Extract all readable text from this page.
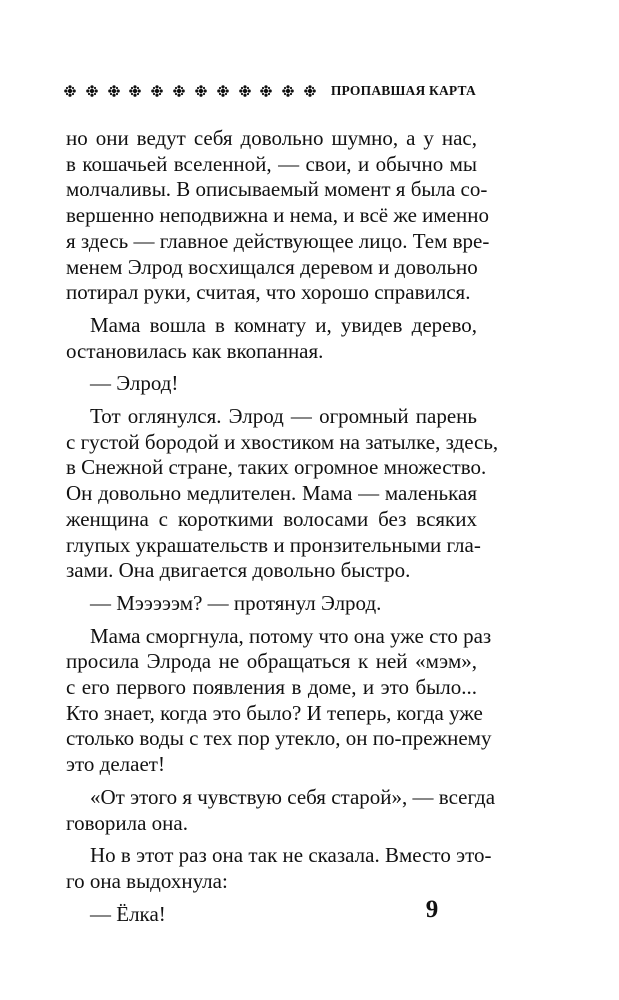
ПРОПАВШАЯ КАРТА

но они ведут себя довольно шумно, а у нас,
в кошачьей вселенной, — свои, и обычно мы
молчаливы. В описываемый момент я была со-
вершенно неподвижна и нема, и всё же именно
я здесь — главное действующее лицо. Тем вре-
менем Элрод восхищался деревом и довольно
потирал руки, считая, что хорошо справился.

Мама вошла в комнату и, увидев дерево,
остановилась как вкопанная.

— Элрод!

Тот оглянулся. Элрод — огромный парень
с густой бородой и хвостиком на затылке, здесь,
в Снежной стране, таких огромное множество.
Он довольно медлителен. Мама — маленькая
женщина с короткими волосами без всяких
глупых украшательств и пронзительными гла-
зами. Она двигается довольно быстро.

— Мэээээм? — протянул Элрод.

Мама сморгнула, потому что она уже сто раз
просила Элрода не обращаться к ней «мэм»,
с его первого появления в доме, и это было...
Кто знает, когда это было? И теперь, когда уже
столько воды с тех пор утекло, он по-прежнему
это делает!

«От этого я чувствую себя старой», — всегда
говорила она.

Но в этот раз она так не сказала. Вместо это-
го она выдохнула:

— Ёлка!	9
